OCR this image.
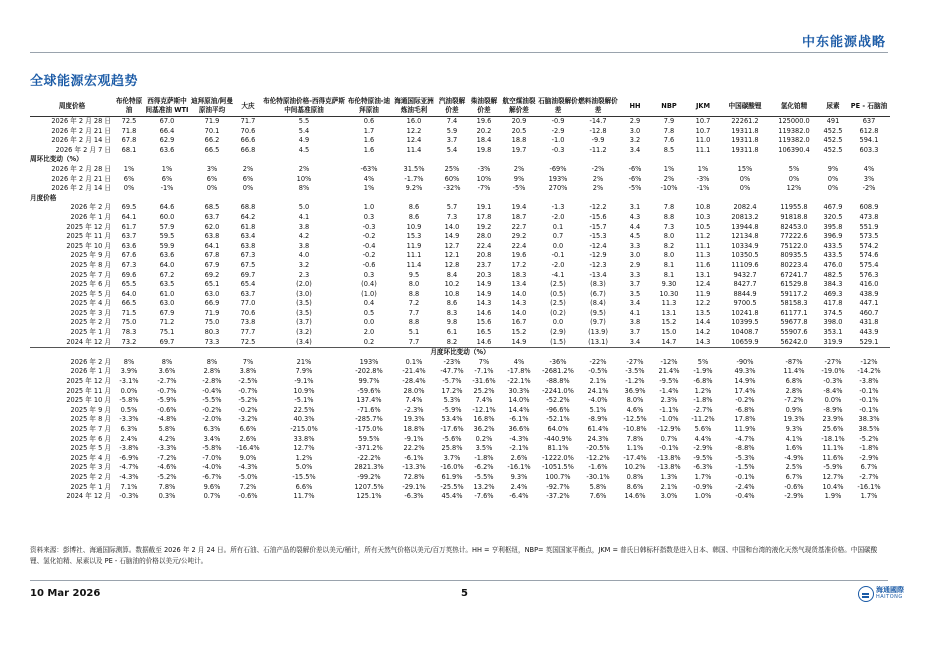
中东能源战略
全球能源宏观趋势
周度价格	布伦特原油	西得克萨斯中间基准油 WTI	迪拜原油/阿曼原油平均	大庆	布伦特原油价格-西得克萨斯中间基准原油	布伦特原油-迪拜原油	海通国际亚洲炼油毛利	汽油裂解价差	柴油裂解价差	航空煤油裂解价差	石脑油裂解价差	燃料油裂解价差	HH	NBP	JKM	中国碳酸锂	氢化铂精	尿素	PE - 石脑油
2026 年 2 月 28 日	72.5	67.0	71.9	71.7	5.5	0.6	16.0	7.4	19.6	20.9	-0.9	-14.7	2.9	7.9	10.7	22261.2	125000.0	491	637
2026 年 2 月 21 日	71.8	66.4	70.1	70.6	5.4	1.7	12.2	5.9	20.2	20.5	-2.9	-12.8	3.0	7.8	10.7	19311.8	119382.0	452.5	612.8
2026 年 2 月 14 日	67.8	62.9	66.2	66.6	4.9	1.6	12.4	3.7	18.4	18.8	-1.0	-9.9	3.2	7.6	11.0	19311.8	119382.0	452.5	594.1
2026 年 2 月 7 日	68.1	63.6	66.5	66.8	4.5	1.6	11.4	5.4	19.8	19.7	-0.3	-11.2	3.4	8.5	11.1	19311.8	106390.4	452.5	603.3
周环比变动（%）																			
2026 年 2 月 28 日	1%	1%	3%	2%	2%	-63%	31.5%	25%	-3%	2%	-69%	-2%	-6%	1%	1%	15%	5%	9%	4%
2026 年 2 月 21 日	6%	6%	6%	6%	10%	4%	-1.7%	60%	10%	9%	193%	2%	-6%	2%	-3%	0%	0%	0%	3%
2026 年 2 月 14 日	0%	-1%	0%	0%	8%	1%	9.2%	-32%	-7%	-5%	270%	2%	-5%	-10%	-1%	0%	12%	0%	-2%
月度价格																			
2026 年 2 月	69.5	64.6	68.5	68.8	5.0	1.0	8.6	5.7	19.1	19.4	-1.3	-12.2	3.1	7.8	10.8	2082.4	11955.8	467.9	608.9
2026 年 1 月	64.1	60.0	63.7	64.2	4.1	0.3	8.6	7.3	17.8	18.7	-2.0	-15.6	4.3	8.8	10.3	20813.2	91818.8	320.5	473.8
2025 年 12 月	61.7	57.9	62.0	61.8	3.8	-0.3	10.9	14.0	19.2	22.7	0.1	-15.7	4.4	7.3	10.5	13944.8	82453.0	395.8	551.9
2025 年 11 月	63.7	59.5	63.8	63.4	4.2	-0.2	15.3	14.9	28.0	29.2	0.7	-15.3	4.5	8.0	11.2	12134.8	77222.6	396.9	573.5
2025 年 10 月	63.6	59.9	64.1	63.8	3.8	-0.4	11.9	12.7	22.4	22.4	0.0	-12.4	3.3	8.2	11.1	10334.9	75122.0	433.5	574.2
2025 年 9 月	67.6	63.6	67.8	67.3	4.0	-0.2	11.1	12.1	20.8	19.6	-0.1	-12.9	3.0	8.0	11.3	10350.5	80935.5	433.5	574.6
2025 年 8 月	67.3	64.0	67.9	67.5	3.2	-0.6	11.4	12.8	23.7	17.2	-2.0	-12.3	2.9	8.1	11.6	11109.6	80223.4	476.0	575.4
2025 年 7 月	69.6	67.2	69.2	69.7	2.3	0.3	9.5	8.4	20.3	18.3	-4.1	-13.4	3.3	8.1	13.1	9432.7	67241.7	482.5	576.3
2025 年 6 月	65.5	63.5	65.1	65.4	(2.0)	(0.4)	8.0	10.2	14.9	13.4	(2.5)	(8.3)	3.7	9.30	12.4	8427.7	61529.8	384.3	416.0
2025 年 5 月	64.0	61.0	63.0	63.7	(3.0)	(1.0)	8.8	10.8	14.9	14.0	(0.5)	(6.7)	3.5	10.30	11.9	8844.9	59117.2	469.3	438.9
2025 年 4 月	66.5	63.0	66.9	77.0	(3.5)	0.4	7.2	8.6	14.3	14.3	(2.5)	(8.4)	3.4	11.3	12.2	9700.5	58158.3	417.8	447.1
2025 年 3 月	71.5	67.9	71.9	70.6	(3.5)	0.5	7.7	8.3	14.6	14.0	(0.2)	(9.5)	4.1	13.1	13.5	10241.8	61177.1	374.5	460.7
2025 年 2 月	75.0	71.2	75.0	73.8	(3.7)	0.0	8.8	9.8	15.6	16.7	0.0	(9.7)	3.8	15.2	14.4	10399.5	59677.8	398.0	431.8
2025 年 1 月	78.3	75.1	80.3	77.7	(3.2)	2.0	5.1	6.1	16.5	15.2	(2.9)	(13.9)	3.7	15.0	14.2	10408.7	55907.6	353.1	443.9
2024 年 12 月	73.2	69.7	73.3	72.5	(3.4)	0.2	7.7	8.2	14.6	14.9	(1.5)	(13.1)	3.4	14.7	14.3	10659.9	56242.0	319.9	529.1
月度环比变动（%）																			
2026 年 2 月	8%	8%	8%	7%	21%	193%	0.1%	-23%	7%	4%	-36%	-22%	-27%	-12%	5%	-90%	-87%	-27%	-12%
2026 年 1 月	3.9%	3.6%	2.8%	3.8%	7.9%	-202.8%	-21.4%	-47.7%	-7.1%	-17.8%	-2681.2%	-0.5%	-3.5%	21.4%	-1.9%	49.3%	11.4%	-19.0%	-14.2%
2025 年 12 月	-3.1%	-2.7%	-2.8%	-2.5%	-9.1%	99.7%	-28.4%	-5.7%	-31.6%	-22.1%	-88.8%	2.1%	-1.2%	-9.5%	-6.8%	14.9%	6.8%	-0.3%	-3.8%
2025 年 11 月	0.0%	-0.7%	-0.4%	-0.7%	10.9%	-59.6%	28.0%	17.2%	25.2%	30.3%	-2241.0%	24.1%	36.9%	-1.4%	1.2%	17.4%	2.8%	-8.4%	-0.1%
2025 年 10 月	-5.8%	-5.9%	-5.5%	-5.2%	-5.1%	137.4%	7.4%	5.3%	7.4%	14.0%	-52.2%	-4.0%	8.0%	2.3%	-1.8%	-0.2%	-7.2%	0.0%	-0.1%
2025 年 9 月	0.5%	-0.6%	-0.2%	-0.2%	22.5%	-71.6%	-2.3%	-5.9%	-12.1%	14.4%	-96.6%	5.1%	4.6%	-1.1%	-2.7%	-6.8%	0.9%	-8.9%	-0.1%
2025 年 8 月	-3.3%	-4.8%	-2.0%	-3.2%	40.3%	-285.7%	19.3%	53.4%	16.8%	-6.1%	-52.1%	-8.9%	-12.5%	-1.0%	-11.2%	17.8%	19.3%	23.9%	38.3%
2025 年 7 月	6.3%	5.8%	6.3%	6.6%	-215.0%	-175.0%	18.8%	-17.6%	36.2%	36.6%	64.0%	61.4%	-10.8%	-12.9%	5.6%	11.9%	9.3%	25.6%	38.5%
2025 年 6 月	2.4%	4.2%	3.4%	2.6%	33.8%	59.5%	-9.1%	-5.6%	0.2%	-4.3%	-440.9%	24.3%	7.8%	0.7%	4.4%	-4.7%	4.1%	-18.1%	-5.2%
2025 年 5 月	-3.8%	-3.3%	-5.8%	-16.4%	12.7%	-371.2%	22.2%	25.8%	3.5%	-2.1%	81.1%	-20.5%	1.1%	-0.1%	-2.9%	-8.8%	1.6%	11.1%	-1.8%
2025 年 4 月	-6.9%	-7.2%	-7.0%	9.0%	1.2%	-22.2%	-6.1%	3.7%	-1.8%	2.6%	-1222.0%	-12.2%	-17.4%	-13.8%	-9.5%	-5.3%	-4.9%	11.6%	-2.9%
2025 年 3 月	-4.7%	-4.6%	-4.0%	-4.3%	5.0%	2821.3%	-13.3%	-16.0%	-6.2%	-16.1%	-1051.5%	-1.6%	10.2%	-13.8%	-6.3%	-1.5%	2.5%	-5.9%	6.7%
2025 年 2 月	-4.3%	-5.2%	-6.7%	-5.0%	-15.5%	-99.2%	72.8%	61.9%	-5.5%	9.3%	100.7%	-30.1%	0.8%	1.3%	1.7%	-0.1%	6.7%	12.7%	-2.7%
2025 年 1 月	7.1%	7.8%	9.6%	7.2%	6.6%	1207.5%	-29.1%	-25.5%	13.2%	2.4%	-92.7%	5.8%	8.6%	2.1%	-0.9%	-2.4%	-0.6%	10.4%	-16.1%
2024 年 12 月	-0.3%	0.3%	0.7%	-0.6%	11.7%	125.1%	-6.3%	45.4%	-7.6%	-6.4%	-37.2%	7.6%	14.6%	3.0%	1.0%	-0.4%	-2.9%	1.9%	1.7%
资料来源：彭博社、海通国际测算。数据截至 2026 年 2 月 24 日。所有石油、石油产品的裂解价差以美元/桶计，所有天然气价格以美元/百万英热计。HH = 亨利枢纽，NBP= 英国国家平衡点，JKM = 普氏日韩标杆指数是进入日本、韩国、中国和台湾的液化天然气现货基准价格。中国碳酸锂、氢化铂精、尿素以及 PE - 石脑油的价格以美元/公吨计。
10 Mar 2026	5	海通國際
HAITONG
